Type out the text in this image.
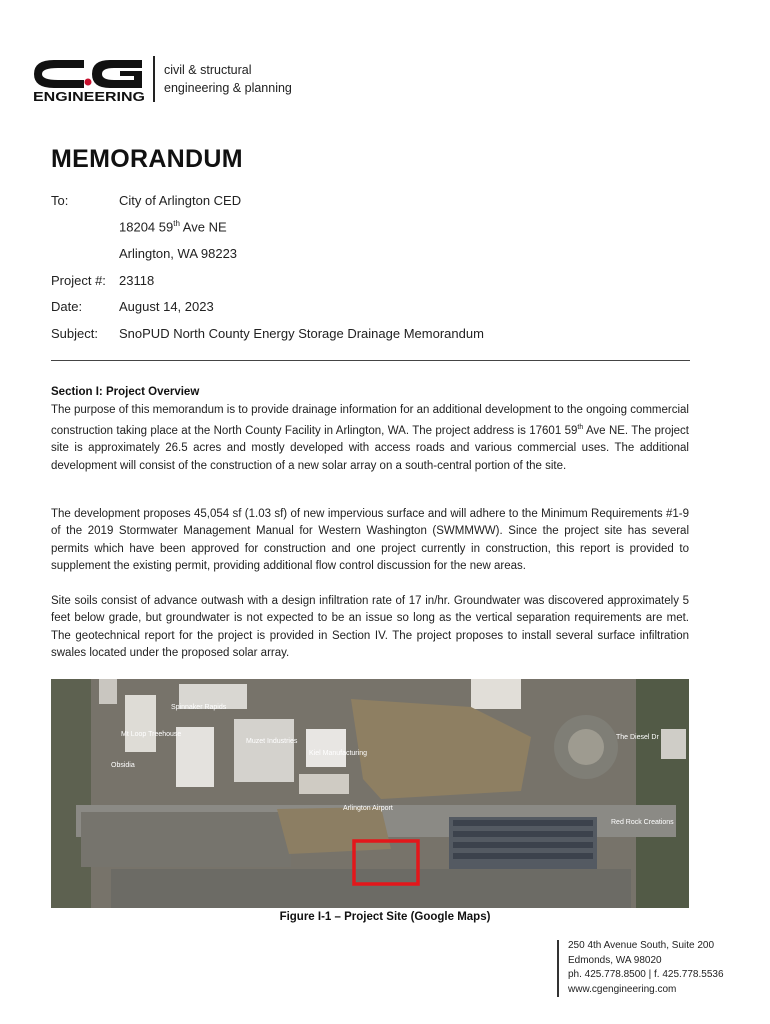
ENGINEERING
civil & structural
engineering & planning
MEMORANDUM
To:	City of Arlington CED
18204 59th Ave NE
Arlington, WA 98223
Project #: 23118
Date:	August 14, 2023
Subject: SnoPUD North County Energy Storage Drainage Memorandum
Section I: Project Overview

The purpose of this memorandum is to provide drainage information for an additional development to the ongoing commercial construction taking place at the North County Facility in Arlington, WA. The project address is 17601 59th Ave NE. The project site is approximately 26.5 acres and mostly developed with access roads and various commercial uses. The additional development will consist of the construction of a new solar array on a south-central portion of the site.

The development proposes 45,054 sf (1.03 sf) of new impervious surface and will adhere to the Minimum Requirements #1-9 of the 2019 Stormwater Management Manual for Western Washington (SWMMWW). Since the project site has several permits which have been approved for construction and one project currently in construction, this report is provided to supplement the existing permit, providing additional flow control discussion for the new areas.

Site soils consist of advance outwash with a design infiltration rate of 17 in/hr. Groundwater was discovered approximately 5 feet below grade, but groundwater is not expected to be an issue so long as the vertical separation requirements are met. The geotechnical report for the project is provided in Section IV. The project proposes to install several surface infiltration swales located under the proposed solar array.

Spinnaker Rapids
Mt Loop Treehouse
Obsidia
Muzet Industries
Kiel Manufacturing
Arlington Airport
The Diesel Dr
Red Rock Creations
Figure I-1 – Project Site (Google Maps)
250 4th Avenue South, Suite 200
Edmonds, WA 98020
ph. 425.778.8500 | f. 425.778.5536
www.cgengineering.com
